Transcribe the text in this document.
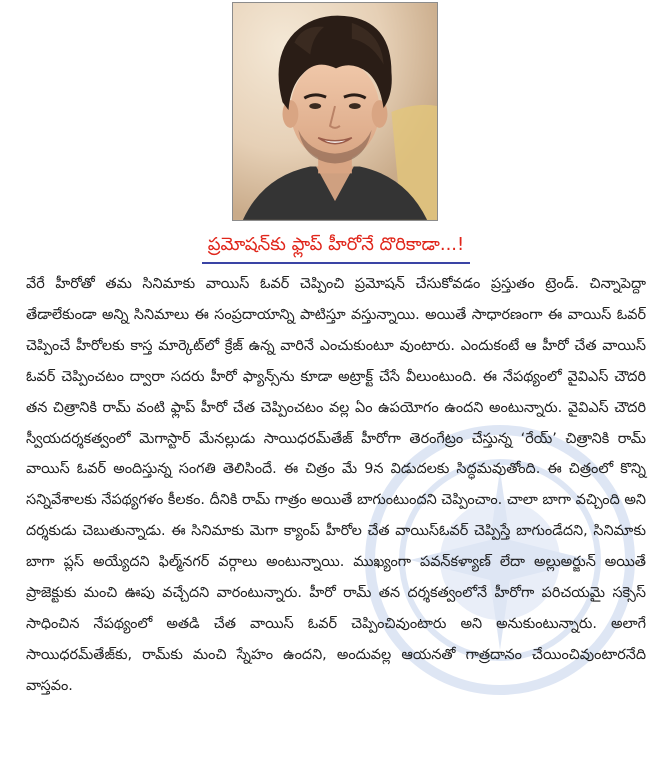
ప్రమోషన్‌కు ఫ్లాప్ హీరోనే దొరికాడా...!

వేరే హీరోతో తమ సినిమాకు వాయిస్ ఓవర్ చెప్పించి ప్రమోషన్ చేసుకోవడం ప్రస్తుతం ట్రెండ్. చిన్నాపెద్దా తేడాలేకుండా అన్ని సినిమాలు ఈ సంప్రదాయాన్ని పాటిస్తూ వస్తున్నాయి. అయితే సాధారణంగా ఈ వాయిస్ ఓవర్ చెప్పించే హీరోలకు కాస్త మార్కెట్‌లో క్రేజ్ ఉన్న వారినే ఎంచుకుంటూ వుంటారు. ఎందుకంటే ఆ హీరో చేత వాయిస్ ఓవర్ చెప్పించటం ద్వారా సదరు హీరో ఫ్యాన్స్‌ను కూడా అట్రాక్ట్ చేసే వీలుంటుంది. ఈ నేపథ్యంలో వైవిఎస్ చౌదరి తన చిత్రానికి రామ్ వంటి ఫ్లాప్ హీరో చేత చెప్పించటం వల్ల ఏం ఉపయోగం ఉందని అంటున్నారు. వైవిఎస్ చౌదరి స్వీయదర్శకత్వంలో మెగాస్టార్ మేనల్లుడు సాయిధరమ్‌తేజ్ హీరోగా తెరంగేట్రం చేస్తున్న ‘రేయ్’ చిత్రానికి రామ్ వాయిస్ ఓవర్ అందిస్తున్న సంగతి తెలిసిందే. ఈ చిత్రం మే 9న విడుదలకు సిద్ధమవుతోంది. ఈ చిత్రంలో కొన్ని సన్నివేశాలకు నేపథ్యగళం కీలకం. దీనికి రామ్ గాత్రం అయితే బాగుంటుందని చెప్పించాం. చాలా బాగా వచ్చింది అని దర్శకుడు చెబుతున్నాడు. ఈ సినిమాకు మెగా క్యాంప్ హీరోల చేత వాయిస్‌ఓవర్ చెప్పిస్తే బాగుండేదని, సినిమాకు బాగా ప్లస్ అయ్యేదని ఫిల్మ్‌నగర్ వర్గాలు అంటున్నాయి. ముఖ్యంగా పవన్‌కళ్యాణ్ లేదా అల్లుఅర్జున్ అయితే ప్రాజెక్టుకు మంచి ఊపు వచ్చేదని వారంటున్నారు. హీరో రామ్ తన దర్శకత్వంలోనే హీరోగా పరిచయమై సక్సెస్ సాధించిన నేపథ్యంలో అతడి చేత వాయిస్ ఓవర్ చెప్పించివుంటారు అని అనుకుంటున్నారు. అలాగే సాయిధరమ్‌తేజ్‌కు, రామ్‌కు మంచి స్నేహం ఉందని, అందువల్ల ఆయనతో గాత్రదానం చేయించివుంటారనేది వాస్తవం.
